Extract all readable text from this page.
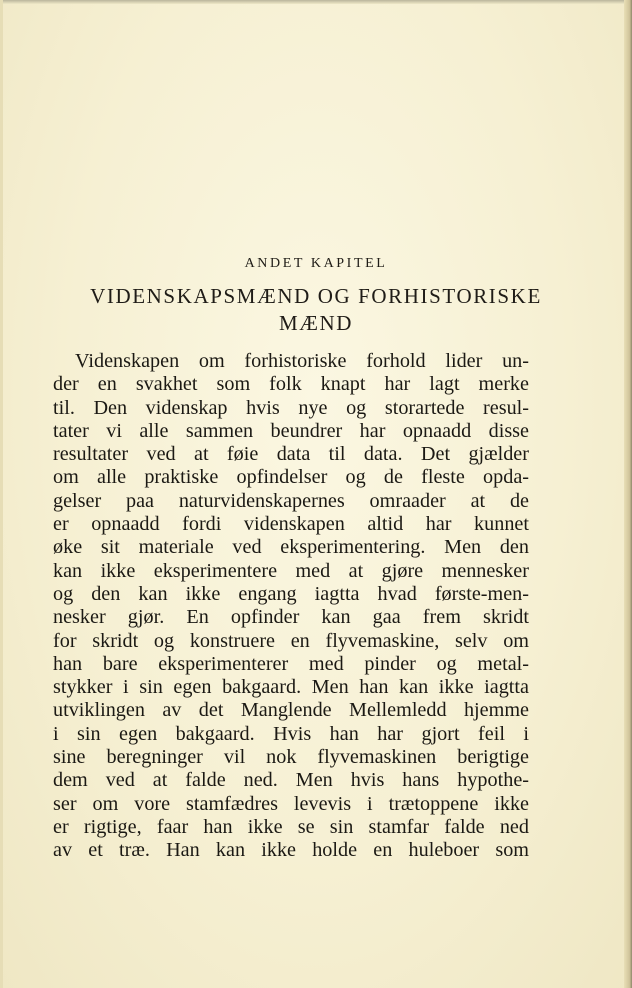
ANDET KAPITEL
VIDENSKAPSMÆND OG FORHISTORISKE
MÆND
Videnskapen om forhistoriske forhold lider un-
der en svakhet som folk knapt har lagt merke
til. Den videnskap hvis nye og storartede resul-
tater vi alle sammen beundrer har opnaadd disse
resultater ved at føie data til data. Det gjælder
om alle praktiske opfindelser og de fleste opda-
gelser paa naturvidenskapernes omraader at de
er opnaadd fordi videnskapen altid har kunnet
øke sit materiale ved eksperimentering. Men den
kan ikke eksperimentere med at gjøre mennesker
og den kan ikke engang iagtta hvad første-men-
nesker gjør. En opfinder kan gaa frem skridt
for skridt og konstruere en flyvemaskine, selv om
han bare eksperimenterer med pinder og metal-
stykker i sin egen bakgaard. Men han kan ikke iagtta
utviklingen av det Manglende Mellemledd hjemme
i sin egen bakgaard. Hvis han har gjort feil i
sine beregninger vil nok flyvemaskinen berigtige
dem ved at falde ned. Men hvis hans hypothe-
ser om vore stamfædres levevis i trætoppene ikke
er rigtige, faar han ikke se sin stamfar falde ned
av et træ. Han kan ikke holde en huleboer som
